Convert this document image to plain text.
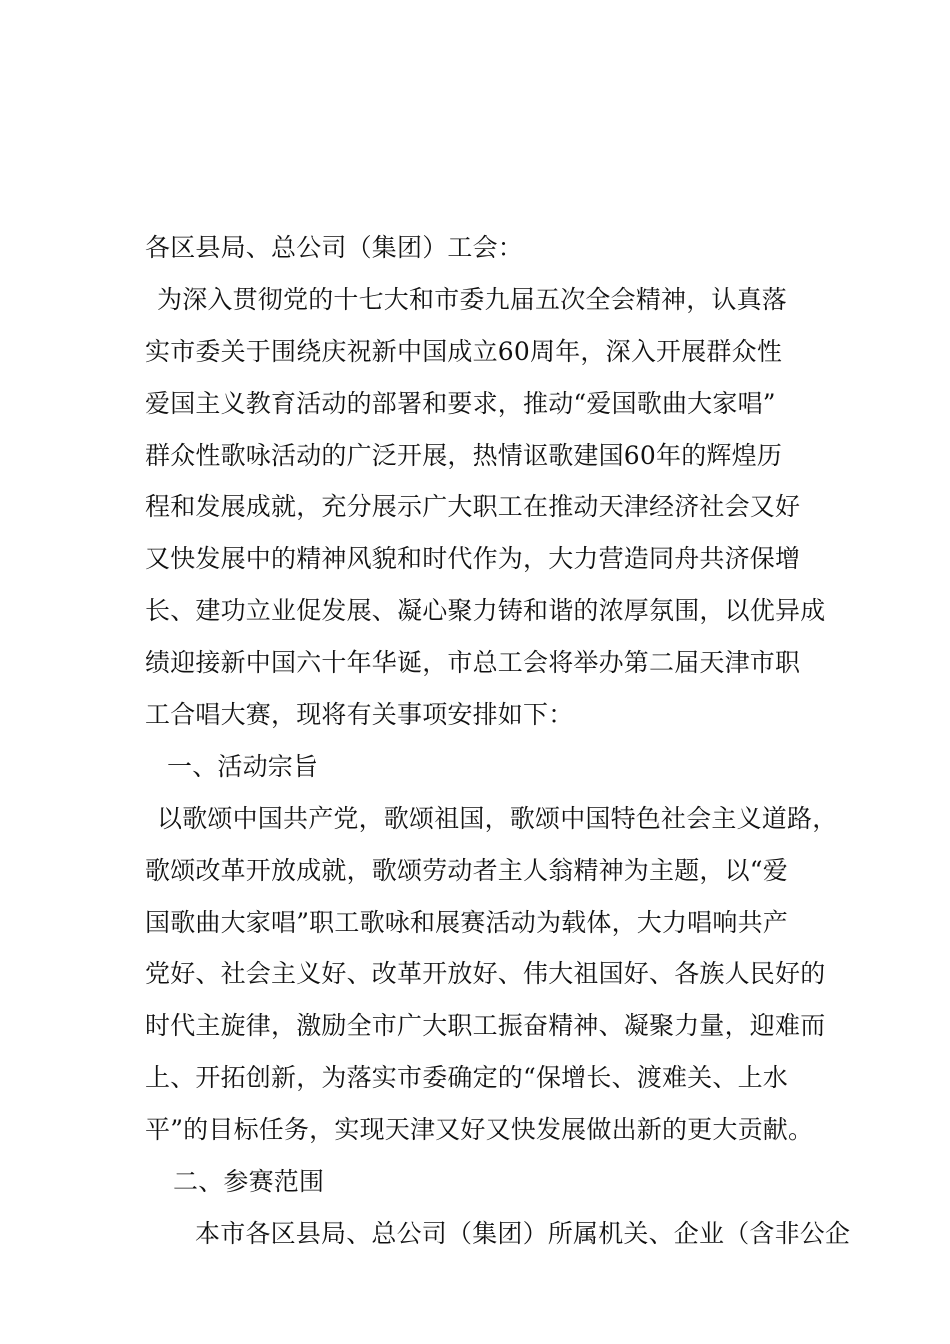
各区县局、总公司（集团）工会：
为深入贯彻党的十七大和市委九届五次全会精神，认真落
实市委关于围绕庆祝新中国成立60周年，深入开展群众性
爱国主义教育活动的部署和要求，推动“爱国歌曲大家唱”
群众性歌咏活动的广泛开展，热情讴歌建国60年的辉煌历
程和发展成就，充分展示广大职工在推动天津经济社会又好
又快发展中的精神风貌和时代作为，大力营造同舟共济保增
长、建功立业促发展、凝心聚力铸和谐的浓厚氛围，以优异成
绩迎接新中国六十年华诞，市总工会将举办第二届天津市职
工合唱大赛，现将有关事项安排如下：
一、活动宗旨
以歌颂中国共产党，歌颂祖国，歌颂中国特色社会主义道路，
歌颂改革开放成就，歌颂劳动者主人翁精神为主题，以“爱
国歌曲大家唱”职工歌咏和展赛活动为载体，大力唱响共产
党好、社会主义好、改革开放好、伟大祖国好、各族人民好的
时代主旋律，激励全市广大职工振奋精神、凝聚力量，迎难而
上、开拓创新，为落实市委确定的“保增长、渡难关、上水
平”的目标任务，实现天津又好又快发展做出新的更大贡献。
二、参赛范围
本市各区县局、总公司（集团）所属机关、企业（含非公企
